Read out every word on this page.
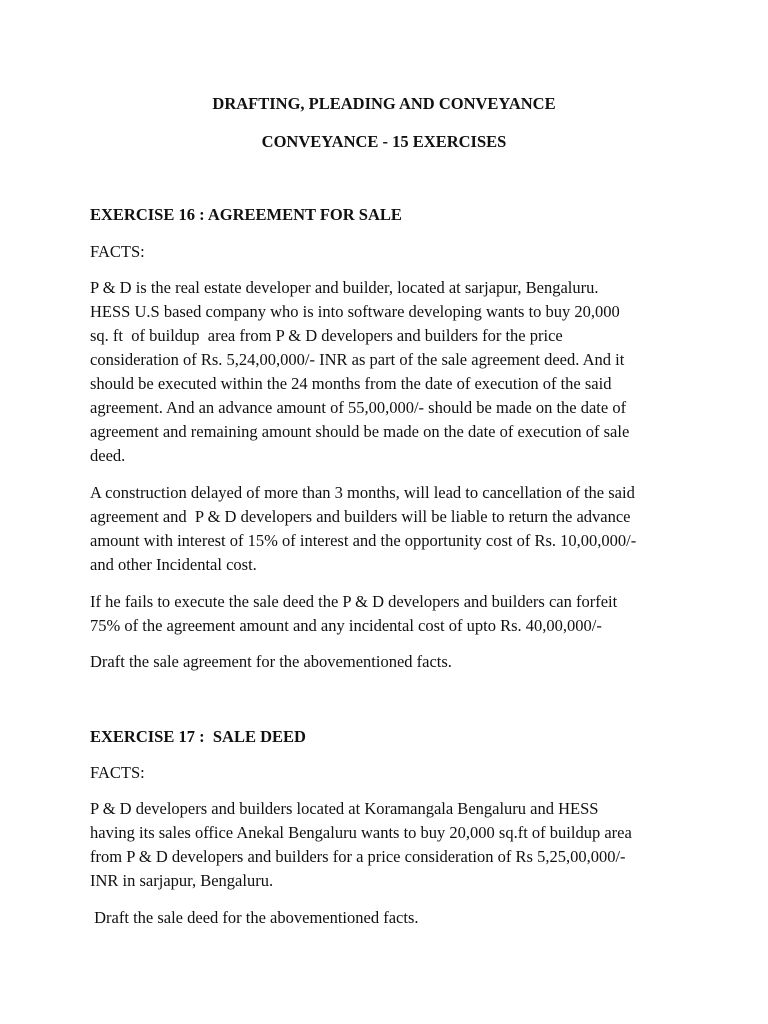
DRAFTING, PLEADING AND CONVEYANCE
CONVEYANCE - 15 EXERCISES
EXERCISE 16 : AGREEMENT FOR SALE
FACTS:
P & D is the real estate developer and builder, located at sarjapur, Bengaluru.
HESS U.S based company who is into software developing wants to buy 20,000
sq. ft  of buildup  area from P & D developers and builders for the price
consideration of Rs. 5,24,00,000/- INR as part of the sale agreement deed. And it
should be executed within the 24 months from the date of execution of the said
agreement. And an advance amount of 55,00,000/- should be made on the date of
agreement and remaining amount should be made on the date of execution of sale
deed.
A construction delayed of more than 3 months, will lead to cancellation of the said
agreement and  P & D developers and builders will be liable to return the advance
amount with interest of 15% of interest and the opportunity cost of Rs. 10,00,000/-
and other Incidental cost.
If he fails to execute the sale deed the P & D developers and builders can forfeit
75% of the agreement amount and any incidental cost of upto Rs. 40,00,000/-
Draft the sale agreement for the abovementioned facts.
EXERCISE 17 :  SALE DEED
FACTS:
P & D developers and builders located at Koramangala Bengaluru and HESS
having its sales office Anekal Bengaluru wants to buy 20,000 sq.ft of buildup area
from P & D developers and builders for a price consideration of Rs 5,25,00,000/-
INR in sarjapur, Bengaluru.
Draft the sale deed for the abovementioned facts.
